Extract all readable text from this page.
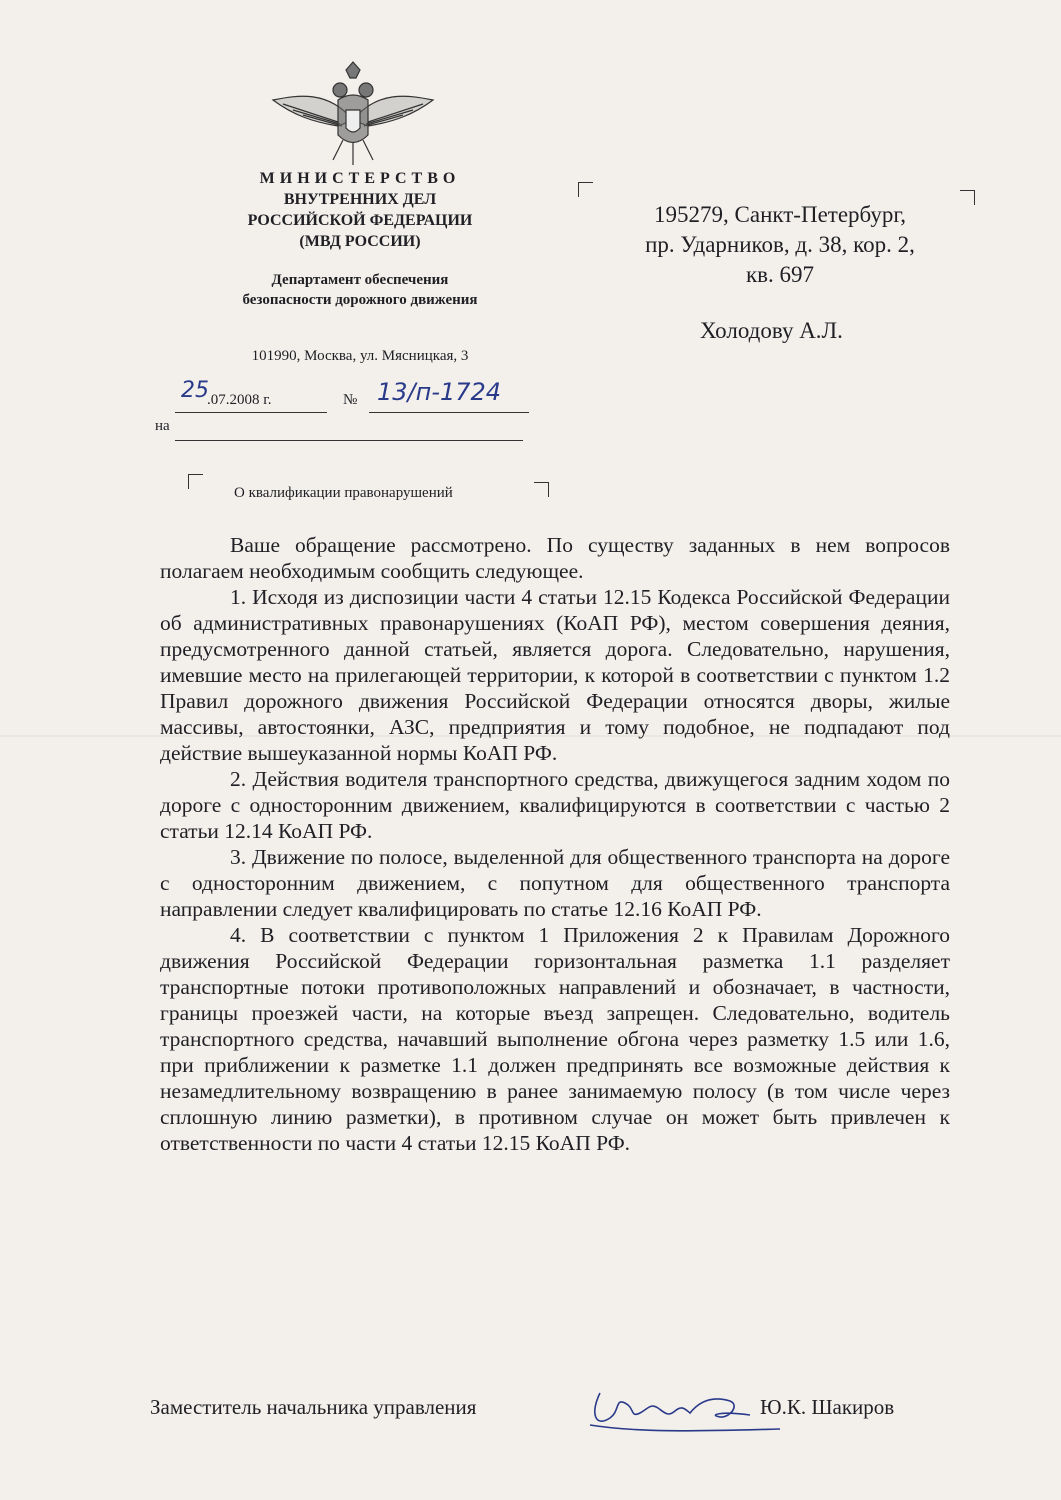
МИНИСТЕРСТВО
ВНУТРЕННИХ ДЕЛ
РОССИЙСКОЙ ФЕДЕРАЦИИ
(МВД РОССИИ)
Департамент обеспечения
безопасности дорожного движения
101990, Москва, ул. Мясницкая, 3
25
.07.2008 г.	№ 13/п-1724
на
195279, Санкт-Петербург,
пр. Ударников, д. 38, кор. 2,
кв. 697
Холодову А.Л.
О квалификации правонарушений

Ваше обращение рассмотрено. По существу заданных в нем вопросов полагаем необходимым сообщить следующее.

1. Исходя из диспозиции части 4 статьи 12.15 Кодекса Российской Федерации об административных правонарушениях (КоАП РФ), местом совершения деяния, предусмотренного данной статьей, является дорога. Следовательно, нарушения, имевшие место на прилегающей территории, к которой в соответствии с пунктом 1.2 Правил дорожного движения Российской Федерации относятся дворы, жилые массивы, автостоянки, АЗС, предприятия и тому подобное, не подпадают под действие вышеуказанной нормы КоАП РФ.

2. Действия водителя транспортного средства, движущегося задним ходом по дороге с односторонним движением, квалифицируются в соответствии с частью 2 статьи 12.14 КоАП РФ.

3. Движение по полосе, выделенной для общественного транспорта на дороге с односторонним движением, с попутном для общественного транспорта направлении следует квалифицировать по статье 12.16 КоАП РФ.

4. В соответствии с пунктом 1 Приложения 2 к Правилам Дорожного движения Российской Федерации горизонтальная разметка 1.1 разделяет транспортные потоки противоположных направлений и обозначает, в частности, границы проезжей части, на которые въезд запрещен. Следовательно, водитель транспортного средства, начавший выполнение обгона через разметку 1.5 или 1.6, при приближении к разметке 1.1 должен предпринять все возможные действия к незамедлительному возвращению в ранее занимаемую полосу (в том числе через сплошную линию разметки), в противном случае он может быть привлечен к ответственности по части 4 статьи 12.15 КоАП РФ.

Заместитель начальника управления	Ю.К. Шакиров
